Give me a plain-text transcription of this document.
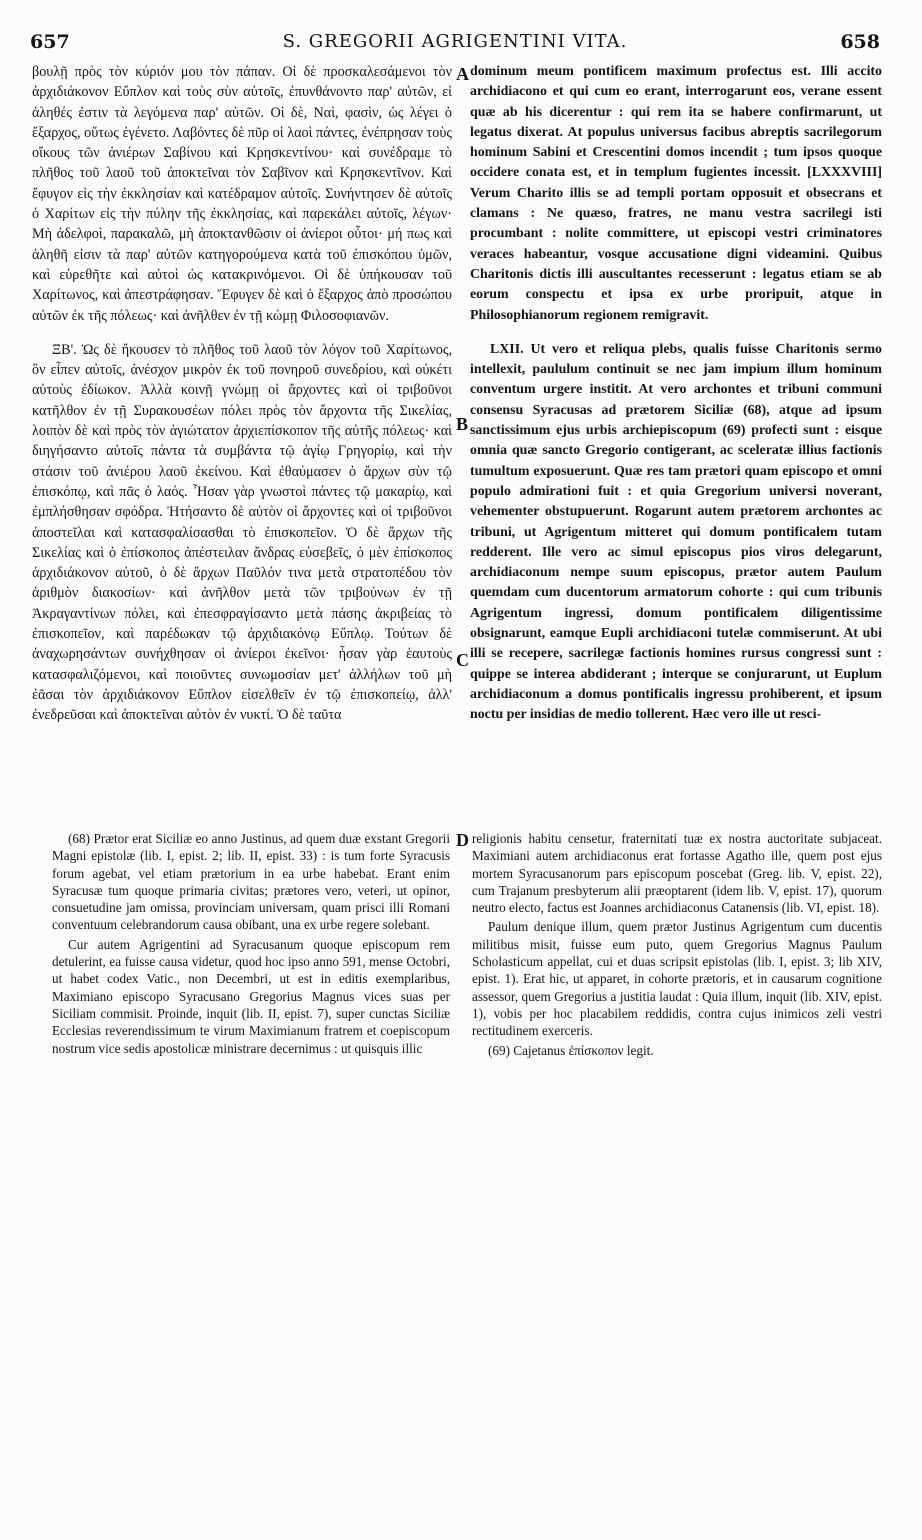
657	S. GREGORII AGRIGENTINI VITA.	658

βουλῇ πρὸς τὸν κύριόν μου τὸν πάπαν. Οἱ δὲ προσκαλεσάμενοι τὸν ἀρχιδιάκονον Εὔπλον καὶ τοὺς σὺν αὐτοῖς, ἐπυνθάνοντο παρ' αὐτῶν, εἰ ἀληθές ἐστιν τὰ λεγόμενα παρ' αὐτῶν. Οἱ δὲ, Ναὶ, φασὶν, ὡς λέγει ὁ ἔξαρχος, οὕτως ἐγένετο. Λαβόντες δὲ πῦρ οἱ λαοὶ πάντες, ἐνέπρησαν τοὺς οἴκους τῶν ἀνιέρων Σαβίνου καὶ Κρησκεντίνου· καὶ συνέδραμε τὸ πλῆθος τοῦ λαοῦ τοῦ ἀποκτεῖναι τὸν Σαβῖνον καὶ Κρησκεντῖνον. Καὶ ἔφυγον εἰς τὴν ἐκκλησίαν καὶ κατέδραμον αὐτοῖς. Συνήντησεν δὲ αὐτοῖς ὁ Χαρίτων εἰς τὴν πύλην τῆς ἐκκλησίας, καὶ παρεκάλει αὐτοῖς, λέγων· Μὴ ἀδελφοὶ, παρακαλῶ, μὴ ἀποκτανθῶσιν οἱ ἀνίεροι οὗτοι· μή πως καὶ ἀληθῆ εἰσιν τὰ παρ' αὐτῶν κατηγορούμενα κατὰ τοῦ ἐπισκόπου ὑμῶν, καὶ εὑρεθῆτε καὶ αὐτοὶ ὡς κατακρινόμενοι. Οἱ δὲ ὑπήκουσαν τοῦ Χαρίτωνος, καὶ ἀπεστράφησαν. Ἔφυγεν δὲ καὶ ὁ ἔξαρχος ἀπὸ προσώπου αὐτῶν ἐκ τῆς πόλεως· καὶ ἀνῆλθεν ἐν τῇ κώμῃ Φιλοσοφιανῶν.

ΞΒ'. Ὡς δὲ ἤκουσεν τὸ πλῆθος τοῦ λαοῦ τὸν λόγον τοῦ Χαρίτωνος, ὃν εἶπεν αὐτοῖς, ἀνέσχον μικρὸν ἐκ τοῦ πονηροῦ συνεδρίου, καὶ οὐκέτι αὐτοὺς ἐδίωκον. Ἀλλὰ κοινῇ γνώμῃ οἱ ἄρχοντες καὶ οἱ τριβοῦνοι κατῆλθον ἐν τῇ Συρακουσέων πόλει πρὸς τὸν ἄρχοντα τῆς Σικελίας, λοιπὸν δὲ καὶ πρὸς τὸν ἁγιώτατον ἀρχιεπίσκοπον τῆς αὐτῆς πόλεως· καὶ διηγήσαντο αὐτοῖς πάντα τὰ συμβάντα τῷ ἁγίῳ Γρηγορίῳ, καὶ τὴν στάσιν τοῦ ἀνιέρου λαοῦ ἐκείνου. Καὶ ἐθαύμασεν ὁ ἄρχων σὺν τῷ ἐπισκόπῳ, καὶ πᾶς ὁ λαός. Ἦσαν γὰρ γνωστοὶ πάντες τῷ μακαρίῳ, καὶ ἐμπλήσθησαν σφόδρα. Ἠτήσαντο δὲ αὐτὸν οἱ ἄρχοντες καὶ οἱ τριβοῦνοι ἀποστεῖλαι καὶ κατασφαλίσασθαι τὸ ἐπισκοπεῖον. Ὁ δὲ ἄρχων τῆς Σικελίας καὶ ὁ ἐπίσκοπος ἀπέστειλαν ἄνδρας εὐσεβεῖς, ὁ μὲν ἐπίσκοπος ἀρχιδιάκονον αὐτοῦ, ὁ δὲ ἄρχων Παῦλόν τινα μετὰ στρατοπέδου τὸν ἀριθμὸν διακοσίων· καὶ ἀνῆλθον μετὰ τῶν τριβούνων ἐν τῇ Ἀκραγαντίνων πόλει, καὶ ἐπεσφραγίσαντο μετὰ πάσης ἀκριβείας τὸ ἐπισκοπεῖον, καὶ παρέδωκαν τῷ ἀρχιδιακόνῳ Εὔπλῳ. Τούτων δὲ ἀναχωρησάντων συνήχθησαν οἱ ἀνίεροι ἐκεῖνοι· ἦσαν γὰρ ἑαυτοὺς κατασφαλιζόμενοι, καὶ ποιοῦντες συνωμοσίαν μετ' ἀλλήλων τοῦ μὴ ἐᾶσαι τὸν ἀρχιδιάκονον Εὔπλον εἰσελθεῖν ἐν τῷ ἐπισκοπείῳ, ἀλλ' ἐνεδρεῦσαι καὶ ἀποκτεῖναι αὐτὸν ἐν νυκτί. Ὁ δὲ ταῦτα

A
B
C
D

dominum meum pontificem maximum profectus est. Illi accito archidiacono et qui cum eo erant, interrogarunt eos, verane essent quæ ab his dicerentur : qui rem ita se habere confirmarunt, ut legatus dixerat. At populus universus facibus abreptis sacrilegorum hominum Sabini et Crescentini domos incendit ; tum ipsos quoque occidere conata est, et in templum fugientes incessit. [LXXXVIII] Verum Charito illis se ad templi portam opposuit et obsecrans et clamans : Ne quæso, fratres, ne manu vestra sacrilegi isti procumbant : nolite committere, ut episcopi vestri criminatores veraces habeantur, vosque accusatione digni videamini. Quibus Charitonis dictis illi auscultantes recesserunt : legatus etiam se ab eorum conspectu et ipsa ex urbe proripuit, atque in Philosophianorum regionem remigravit.

LXII. Ut vero et reliqua plebs, qualis fuisse Charitonis sermo intellexit, paululum continuit se nec jam impium illum hominum conventum urgere institit. At vero archontes et tribuni communi consensu Syracusas ad prætorem Siciliæ (68), atque ad ipsum sanctissimum ejus urbis archiepiscopum (69) profecti sunt : eisque omnia quæ sancto Gregorio contigerant, ac sceleratæ illius factionis tumultum exposuerunt. Quæ res tam prætori quam episcopo et omni populo admirationi fuit : et quia Gregorium universi noverant, vehementer obstupuerunt. Rogarunt autem prætorem archontes ac tribuni, ut Agrigentum mitteret qui domum pontificalem tutam redderent. Ille vero ac simul episcopus pios viros delegarunt, archidiaconum nempe suum episcopus, prætor autem Paulum quemdam cum ducentorum armatorum cohorte : qui cum tribunis Agrigentum ingressi, domum pontificalem diligentissime obsignarunt, eamque Eupli archidiaconi tutelæ commiserunt. At ubi illi se recepere, sacrilegæ factionis homines rursus congressi sunt : quippe se interea abdiderant ; interque se conjurarunt, ut Euplum archidiaconum a domus pontificalis ingressu prohiberent, et ipsum noctu per insidias de medio tollerent. Hæc vero ille ut resci-

(68) Prætor erat Siciliæ eo anno Justinus, ad quem duæ exstant Gregorii Magni epistolæ (lib. I, epist. 2; lib. II, epist. 33) : is tum forte Syracusis forum agebat, vel etiam prætorium in ea urbe habebat. Erant enim Syracusæ tum quoque primaria civitas; prætores vero, veteri, ut opinor, consuetudine jam omissa, provinciam universam, quam prisci illi Romani conventuum celebrandorum causa obibant, una ex urbe regere solebant.

Cur autem Agrigentini ad Syracusanum quoque episcopum rem detulerint, ea fuisse causa videtur, quod hoc ipso anno 591, mense Octobri, ut habet codex Vatic., non Decembri, ut est in editis exemplaribus, Maximiano episcopo Syracusano Gregorius Magnus vices suas per Siciliam commisit. Proinde, inquit (lib. II, epist. 7), super cunctas Siciliæ Ecclesias reverendissimum te virum Maximianum fratrem et coepiscopum nostrum vice sedis apostolicæ ministrare decernimus : ut quisquis illic

religionis habitu censetur, fraternitati tuæ ex nostra auctoritate subjaceat. Maximiani autem archidiaconus erat fortasse Agatho ille, quem post ejus mortem Syracusanorum pars episcopum poscebat (Greg. lib. V, epist. 22), cum Trajanum presbyterum alii præoptarent (idem lib. V, epist. 17), quorum neutro electo, factus est Joannes archidiaconus Catanensis (lib. VI, epist. 18).

Paulum denique illum, quem prætor Justinus Agrigentum cum ducentis militibus misit, fuisse eum puto, quem Gregorius Magnus Paulum Scholasticum appellat, cui et duas scripsit epistolas (lib. I, epist. 3; lib XIV, epist. 1). Erat hic, ut apparet, in cohorte prætoris, et in causarum cognitione assessor, quem Gregorius a justitia laudat : Quia illum, inquit (lib. XIV, epist. 1), vobis per hoc placabilem reddidis, contra cujus inimicos zeli vestri rectitudinem exerceris.

(69) Cajetanus ἐπίσκοπον legit.
